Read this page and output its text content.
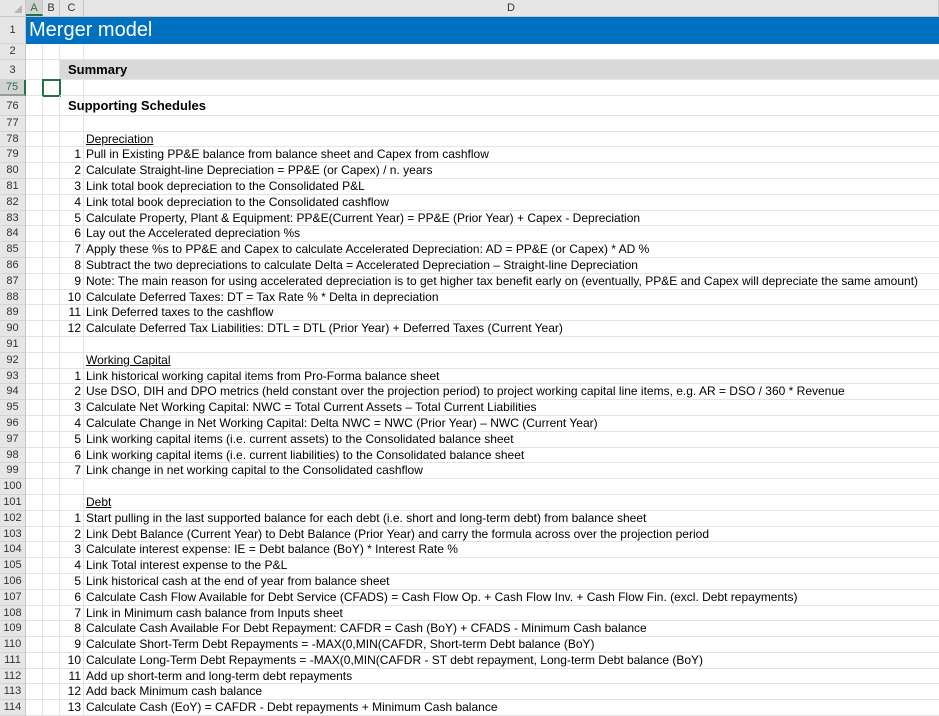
A B	C	D
1 Merger model
2
3	Summary
75
76	Supporting Schedules
77
78	Depreciation
79	1 Pull in Existing PP&E balance from balance sheet and Capex from cashflow
80	2 Calculate Straight-line Depreciation = PP&E (or Capex) / n. years
81	3 Link total book depreciation to the Consolidated P&L
82	4 Link total book depreciation to the Consolidated cashflow
83	5 Calculate Property, Plant & Equipment: PP&E(Current Year) = PP&E (Prior Year) + Capex - Depreciation
84	6 Lay out the Accelerated depreciation %s
85	7 Apply these %s to PP&E and Capex to calculate Accelerated Depreciation: AD = PP&E (or Capex) * AD %
86	8 Subtract the two depreciations to calculate Delta = Accelerated Depreciation – Straight-line Depreciation
87	9 Note: The main reason for using accelerated depreciation is to get higher tax benefit early on (eventually, PP&E and Capex will depreciate the same amount)
88	10 Calculate Deferred Taxes: DT = Tax Rate % * Delta in depreciation
89	11 Link Deferred taxes to the cashflow
90	12 Calculate Deferred Tax Liabilities: DTL = DTL (Prior Year) + Deferred Taxes (Current Year)
91
92	Working Capital
93	1 Link historical working capital items from Pro-Forma balance sheet
94	2 Use DSO, DIH and DPO metrics (held constant over the projection period) to project working capital line items, e.g. AR = DSO / 360 * Revenue
95	3 Calculate Net Working Capital: NWC = Total Current Assets – Total Current Liabilities
96	4 Calculate Change in Net Working Capital: Delta NWC = NWC (Prior Year) – NWC (Current Year)
97	5 Link working capital items (i.e. current assets) to the Consolidated balance sheet
98	6 Link working capital items (i.e. current liabilities) to the Consolidated balance sheet
99	7 Link change in net working capital to the Consolidated cashflow
100
101	Debt
102	1 Start pulling in the last supported balance for each debt (i.e. short and long-term debt) from balance sheet
103	2 Link Debt Balance (Current Year) to Debt Balance (Prior Year) and carry the formula across over the projection period
104	3 Calculate interest expense: IE = Debt balance (BoY) * Interest Rate %
105	4 Link Total interest expense to the P&L
106	5 Link historical cash at the end of year from balance sheet
107	6 Calculate Cash Flow Available for Debt Service (CFADS) = Cash Flow Op. + Cash Flow Inv. + Cash Flow Fin. (excl. Debt repayments)
108	7 Link in Minimum cash balance from Inputs sheet
109	8 Calculate Cash Available For Debt Repayment: CAFDR = Cash (BoY) + CFADS - Minimum Cash balance
110	9 Calculate Short-Term Debt Repayments = -MAX(0,MIN(CAFDR, Short-term Debt balance (BoY)
111	10 Calculate Long-Term Debt Repayments = -MAX(0,MIN(CAFDR - ST debt repayment, Long-term Debt balance (BoY)
112	11 Add up short-term and long-term debt repayments
113	12 Add back Minimum cash balance
114	13 Calculate Cash (EoY) = CAFDR - Debt repayments + Minimum Cash balance
